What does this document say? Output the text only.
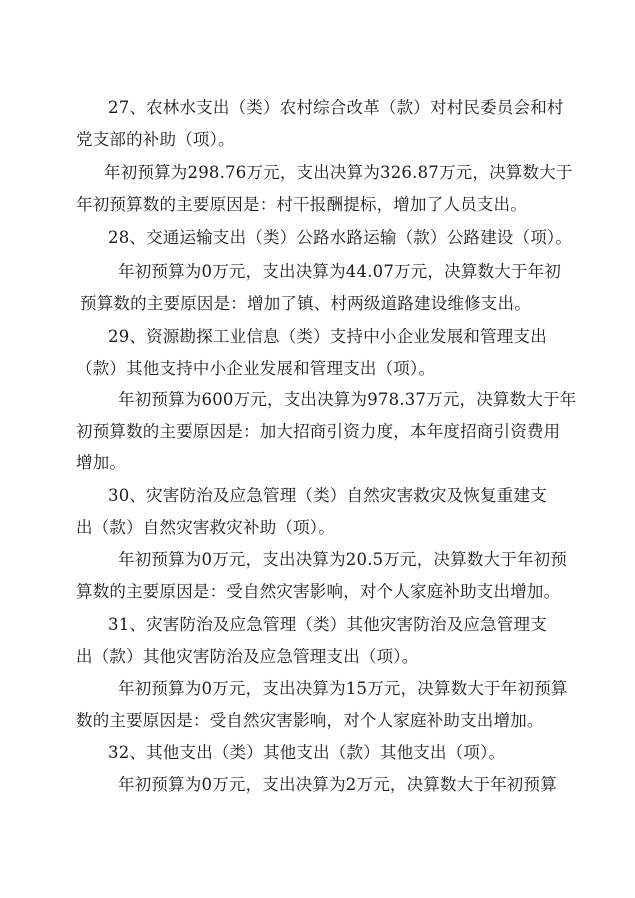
27、农林水支出（类）农村综合改革（款）对村民委员会和村
党支部的补助（项）。
年初预算为298.76万元，支出决算为326.87万元，决算数大于
年初预算数的主要原因是：村干报酬提标，增加了人员支出。
28、交通运输支出（类）公路水路运输（款）公路建设（项）。
年初预算为0万元，支出决算为44.07万元，决算数大于年初
预算数的主要原因是：增加了镇、村两级道路建设维修支出。
29、资源勘探工业信息（类）支持中小企业发展和管理支出
（款）其他支持中小企业发展和管理支出（项）。
年初预算为600万元，支出决算为978.37万元，决算数大于年
初预算数的主要原因是：加大招商引资力度，本年度招商引资费用
增加。
30、灾害防治及应急管理（类）自然灾害救灾及恢复重建支
出（款）自然灾害救灾补助（项）。
年初预算为0万元，支出决算为20.5万元，决算数大于年初预
算数的主要原因是：受自然灾害影响，对个人家庭补助支出增加。
31、灾害防治及应急管理（类）其他灾害防治及应急管理支
出（款）其他灾害防治及应急管理支出（项）。
年初预算为0万元，支出决算为15万元，决算数大于年初预算
数的主要原因是：受自然灾害影响，对个人家庭补助支出增加。
32、其他支出（类）其他支出（款）其他支出（项）。
年初预算为0万元，支出决算为2万元，决算数大于年初预算
